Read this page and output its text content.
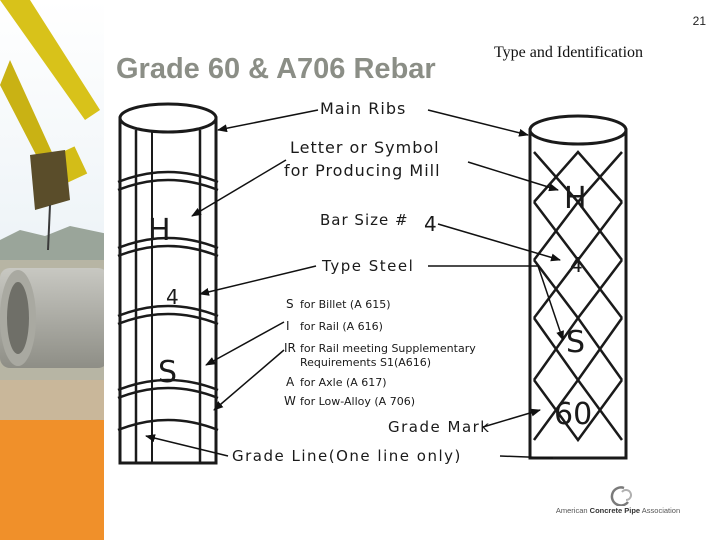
21
Grade 60 & A706 Rebar
Type and Identification
H
4
S
H
4
S
60
Main Ribs
Letter or Symbol
for Producing Mill
Bar Size # 4
Type Steel
S for Billet (A 615)
I for Rail (A 616)
IR for Rail meeting Supplementary
Requirements S1(A616)
A for Axle (A 617)
W for Low-Alloy (A 706)
Grade Mark
Grade Line(One line only)
American Concrete Pipe Association
